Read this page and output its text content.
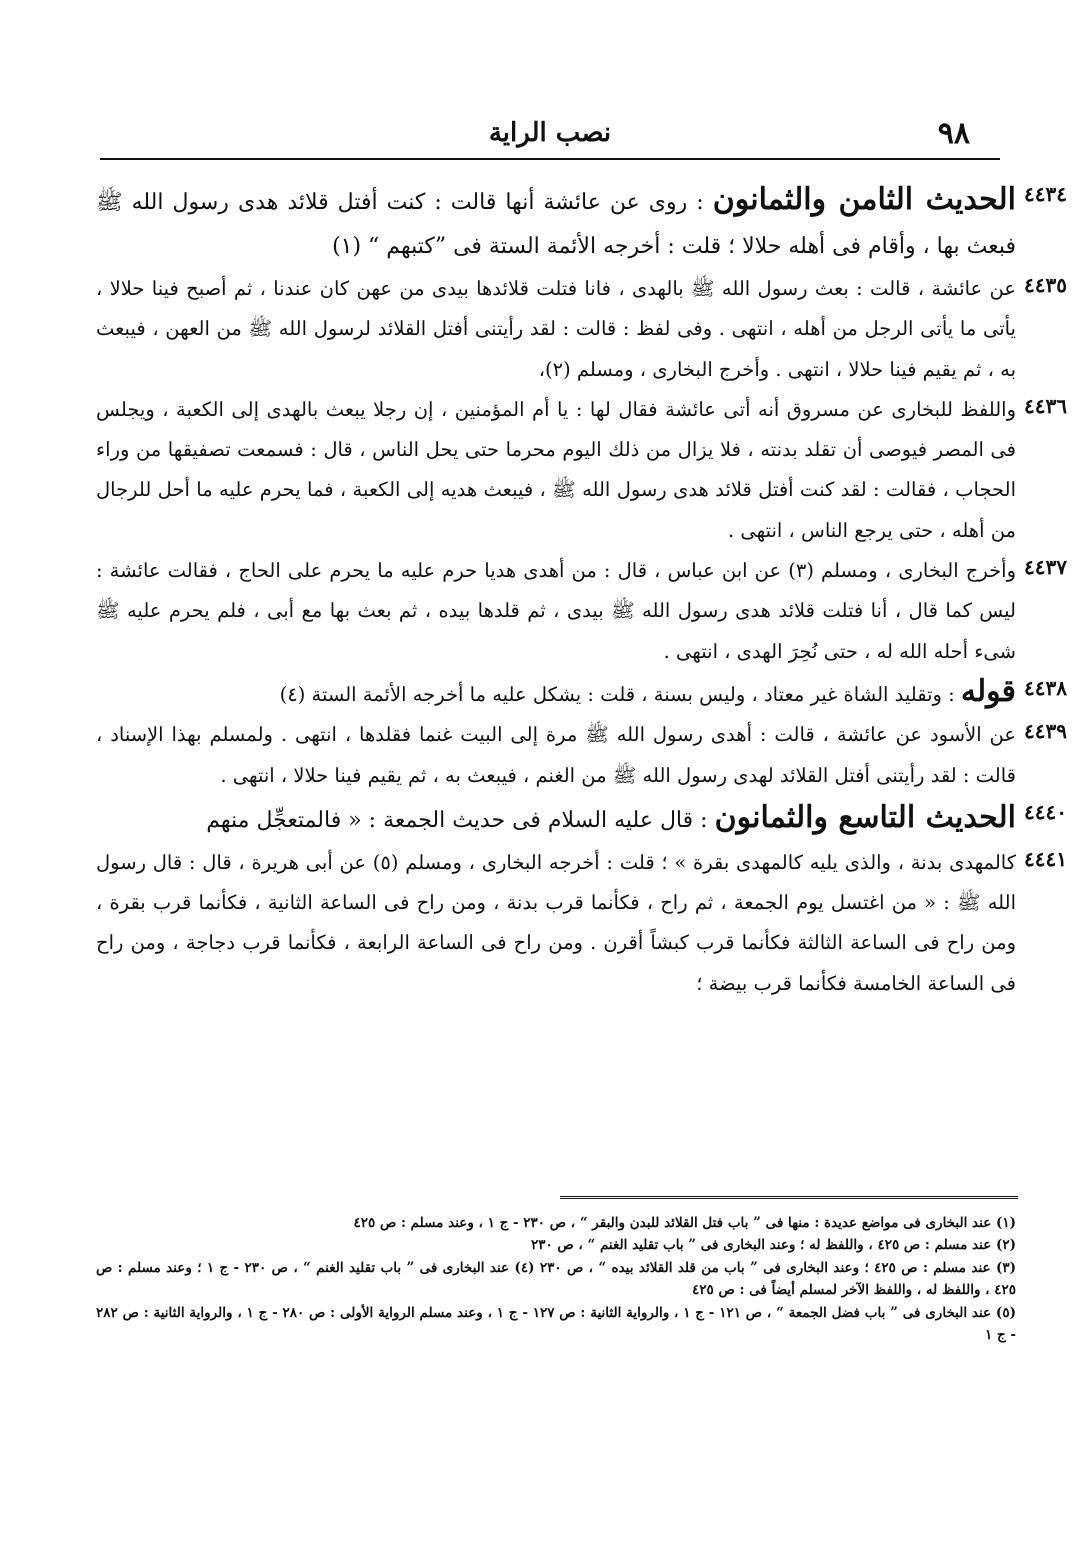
٩٨
نصب الراية
٤٤٣٤
الحديث الثامن والثمانون : روى عن عائشة أنها قالت : كنت أفتل قلائد هدى رسول الله ﷺ فبعث بها ، وأقام فى أهله حلالا ؛ قلت : أخرجه الأئمة الستة فى ”كتبهم “ (١)
٤٤٣٥
عن عائشة ، قالت : بعث رسول الله ﷺ بالهدى ، فانا فتلت قلائدها بيدى من عهن كان عندنا ، ثم أصبح فينا حلالا ، يأتى ما يأتى الرجل من أهله ، انتهى . وفى لفظ : قالت : لقد رأيتنى أفتل القلائد لرسول الله ﷺ من العهن ، فيبعث به ، ثم يقيم فينا حلالا ، انتهى . وأخرج البخارى ، ومسلم (٢)،
٤٤٣٦
واللفظ للبخارى عن مسروق أنه أتى عائشة فقال لها : يا أم المؤمنين ، إن رجلا يبعث بالهدى إلى الكعبة ، ويجلس فى المصر فيوصى أن تقلد بدنته ، فلا يزال من ذلك اليوم محرما حتى يحل الناس ، قال : فسمعت تصفيقها من وراء الحجاب ، فقالت : لقد كنت أفتل قلائد هدى رسول الله ﷺ ، فيبعث هديه إلى الكعبة ، فما يحرم عليه ما أحل للرجال من أهله ، حتى يرجع الناس ، انتهى .
٤٤٣٧
وأخرج البخارى ، ومسلم (٣) عن ابن عباس ، قال : من أهدى هديا حرم عليه ما يحرم على الحاج ، فقالت عائشة : ليس كما قال ، أنا فتلت قلائد هدى رسول الله ﷺ بيدى ، ثم قلدها بيده ، ثم بعث بها مع أبى ، فلم يحرم عليه ﷺ شىء أحله الله له ، حتى نُحِرَ الهدى ، انتهى .
٤٤٣٨
قوله : وتقليد الشاة غير معتاد ، وليس بسنة ، قلت : يشكل عليه ما أخرجه الأئمة الستة (٤)
٤٤٣٩
عن الأسود عن عائشة ، قالت : أهدى رسول الله ﷺ مرة إلى البيت غنما فقلدها ، انتهى . ولمسلم بهذا الإسناد ، قالت : لقد رأيتنى أفتل القلائد لهدى رسول الله ﷺ من الغنم ، فيبعث به ، ثم يقيم فينا حلالا ، انتهى .
٤٤٤٠
الحديث التاسع والثمانون : قال عليه السلام فى حديث الجمعة : « فالمتعجِّل منهم
٤٤٤١
كالمهدى بدنة ، والذى يليه كالمهدى بقرة » ؛ قلت : أخرجه البخارى ، ومسلم (٥) عن أبى هريرة ، قال : قال رسول الله ﷺ : « من اغتسل يوم الجمعة ، ثم راح ، فكأنما قرب بدنة ، ومن راح فى الساعة الثانية ، فكأنما قرب بقرة ، ومن راح فى الساعة الثالثة فكأنما قرب كبشاً أقرن . ومن راح فى الساعة الرابعة ، فكأنما قرب دجاجة ، ومن راح فى الساعة الخامسة فكأنما قرب بيضة ؛
(١) عند البخارى فى مواضع عديدة : منها فى ” باب فتل القلائد للبدن والبقر “ ، ص ٢٣٠ - ج ١ ، وعند مسلم : ص ٤٢٥
(٢) عند مسلم : ص ٤٢٥ ، واللفظ له ؛ وعند البخارى فى ” باب تقليد الغنم “ ، ص ٢٣٠
(٣) عند مسلم : ص ٤٢٥ ؛ وعند البخارى فى ” باب من قلد القلائد بيده “ ، ص ٢٣٠ (٤) عند البخارى فى ” باب تقليد الغنم “ ، ص ٢٣٠ - ج ١ ؛ وعند مسلم : ص ٤٢٥ ، واللفظ له ، واللفظ الآخر لمسلم أيضاً فى : ص ٤٢٥
(٥) عند البخارى فى ” باب فضل الجمعة “ ، ص ١٢١ - ج ١ ، والرواية الثانية : ص ١٢٧ - ج ١ ، وعند مسلم الرواية الأولى : ص ٢٨٠ - ج ١ ، والرواية الثانية : ص ٢٨٢ - ج ١
